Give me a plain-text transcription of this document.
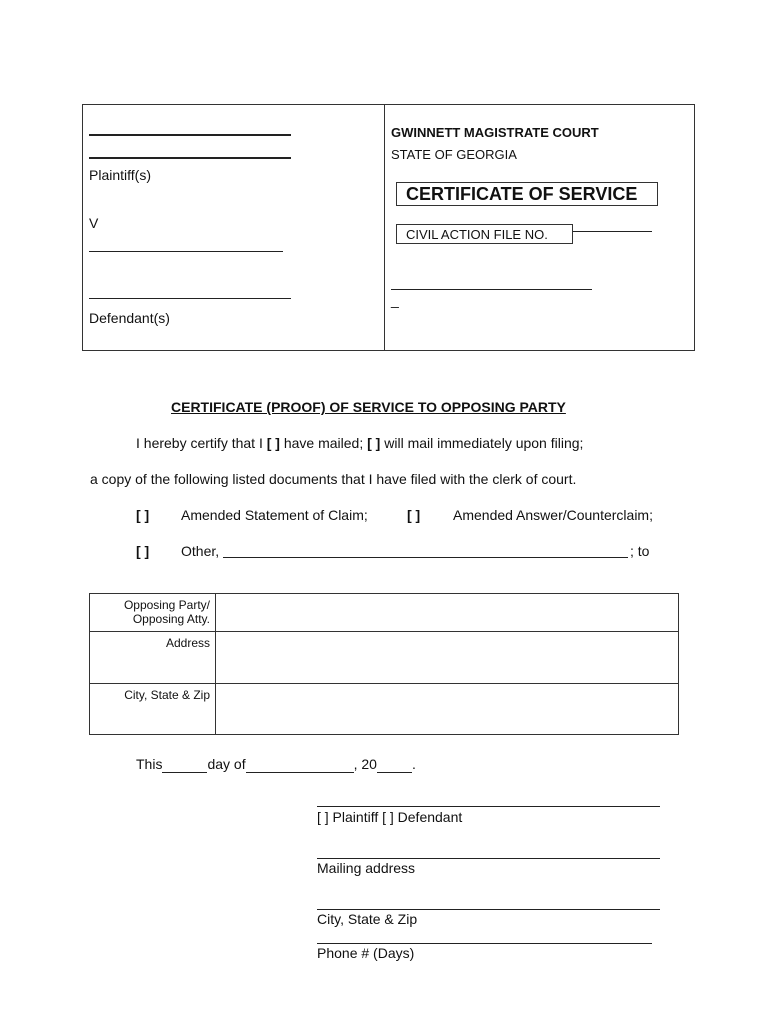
Plaintiff(s)
V
Defendant(s)
GWINNETT MAGISTRATE COURT
STATE OF GEORGIA
CERTIFICATE OF SERVICE
CIVIL ACTION FILE NO.
_
CERTIFICATE (PROOF) OF SERVICE TO OPPOSING PARTY
I hereby certify that I [ ] have mailed; [ ] will mail immediately upon filing;
a copy of the following listed documents that I have filed with the clerk of court.
[ ] Amended Statement of Claim;	[ ] Amended Answer/Counterclaim;
[ ] Other,	; to
Opposing Party/
Opposing Atty.	

Address	
City, State & Zip	
This	day of	, 20	.
[ ] Plaintiff [ ] Defendant
Mailing address
City, State & Zip
Phone # (Days)
